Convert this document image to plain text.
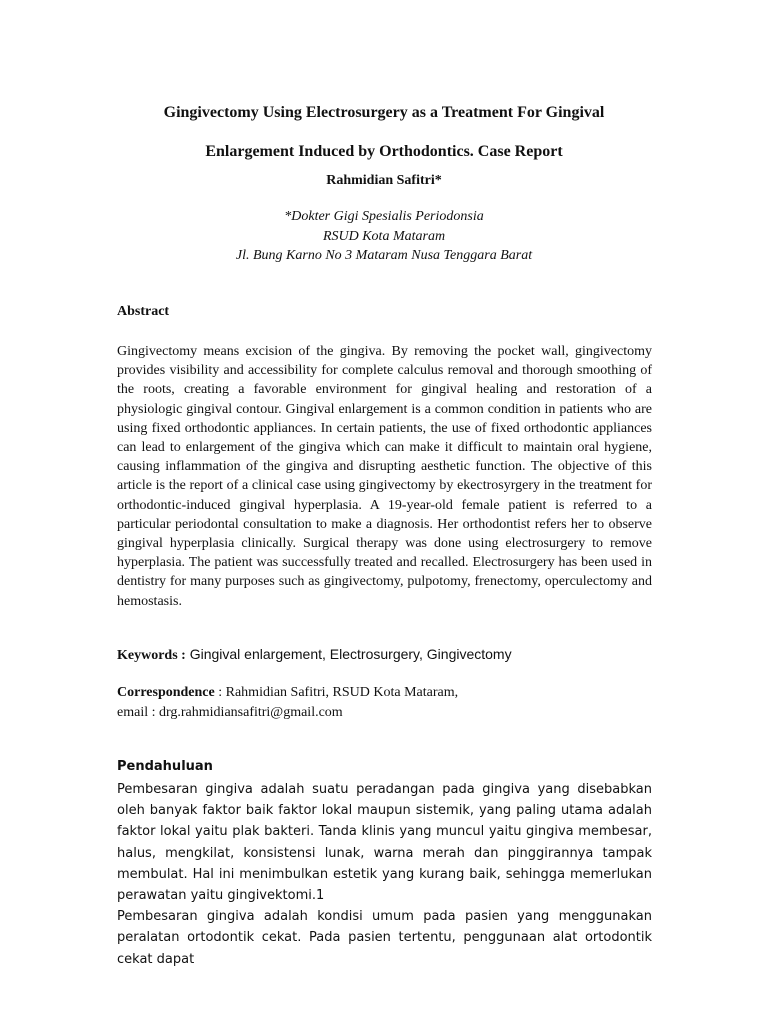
Gingivectomy Using Electrosurgery as a Treatment For Gingival
Enlargement Induced by Orthodontics. Case Report
Rahmidian Safitri*
*Dokter Gigi Spesialis Periodonsia
RSUD Kota Mataram
Jl. Bung Karno No 3 Mataram Nusa Tenggara Barat
Abstract

Gingivectomy means excision of the gingiva. By removing the pocket wall, gingivectomy provides visibility and accessibility for complete calculus removal and thorough smoothing of the roots, creating a favorable environment for gingival healing and restoration of a physiologic gingival contour. Gingival enlargement is a common condition in patients who are using fixed orthodontic appliances. In certain patients, the use of fixed orthodontic appliances can lead to enlargement of the gingiva which can make it difficult to maintain oral hygiene, causing inflammation of the gingiva and disrupting aesthetic function. The objective of this article is the report of a clinical case using gingivectomy by ekectrosyrgery in the treatment for orthodontic-induced gingival hyperplasia. A 19-year-old female patient is referred to a particular periodontal consultation to make a diagnosis. Her orthodontist refers her to observe gingival hyperplasia clinically. Surgical therapy was done using electrosurgery to remove hyperplasia. The patient was successfully treated and recalled. Electrosurgery has been used in dentistry for many purposes such as gingivectomy, pulpotomy, frenectomy, operculectomy and hemostasis.

Keywords : Gingival enlargement, Electrosurgery, Gingivectomy
Correspondence : Rahmidian Safitri, RSUD Kota Mataram,
email : drg.rahmidiansafitri@gmail.com
Pendahuluan

Pembesaran gingiva adalah suatu peradangan pada gingiva yang disebabkan oleh banyak faktor baik faktor lokal maupun sistemik, yang paling utama adalah faktor lokal yaitu plak bakteri. Tanda klinis yang muncul yaitu gingiva membesar, halus, mengkilat, konsistensi lunak, warna merah dan pinggirannya tampak membulat. Hal ini menimbulkan estetik yang kurang baik, sehingga memerlukan perawatan yaitu gingivektomi.1

Pembesaran gingiva adalah kondisi umum pada pasien yang menggunakan peralatan ortodontik cekat. Pada pasien tertentu, penggunaan alat ortodontik cekat dapat
